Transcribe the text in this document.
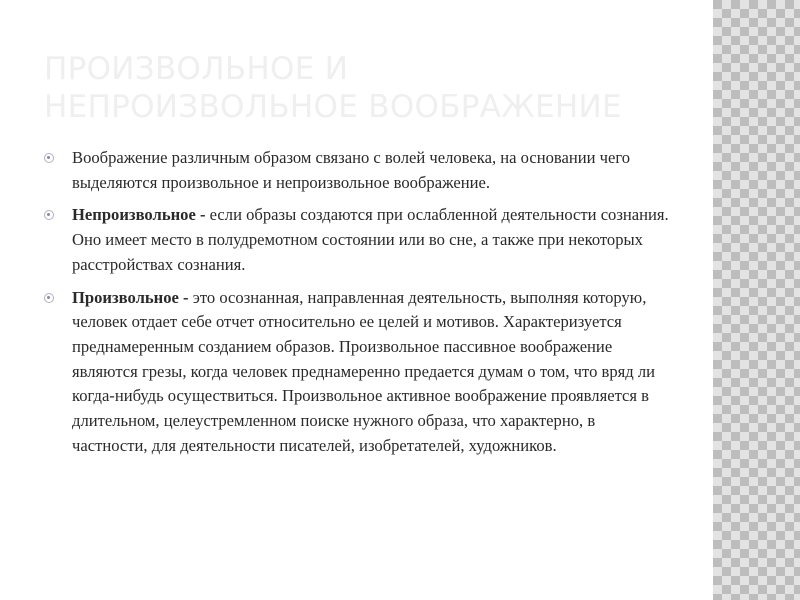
ПРОИЗВОЛЬНОЕ И
НЕПРОИЗВОЛЬНОЕ ВООБРАЖЕНИЕ
Воображение различным образом связано с волей человека, на основании чего выделяются произвольное и непроизвольное воображение.
Непроизвольное - если образы создаются при ослабленной деятельности сознания. Оно имеет место в полудремотном состоянии или во сне, а также при некоторых расстройствах сознания.
Произвольное - это осознанная, направленная деятельность, выполняя которую, человек отдает себе отчет относительно ее целей и мотивов. Характеризуется преднамеренным созданием образов. Произвольное пассивное воображение являются грезы, когда человек преднамеренно предается думам о том, что вряд ли когда-нибудь осуществиться. Произвольное активное воображение проявляется в длительном, целеустремленном поиске нужного образа, что характерно, в частности, для деятельности писателей, изобретателей, художников.
